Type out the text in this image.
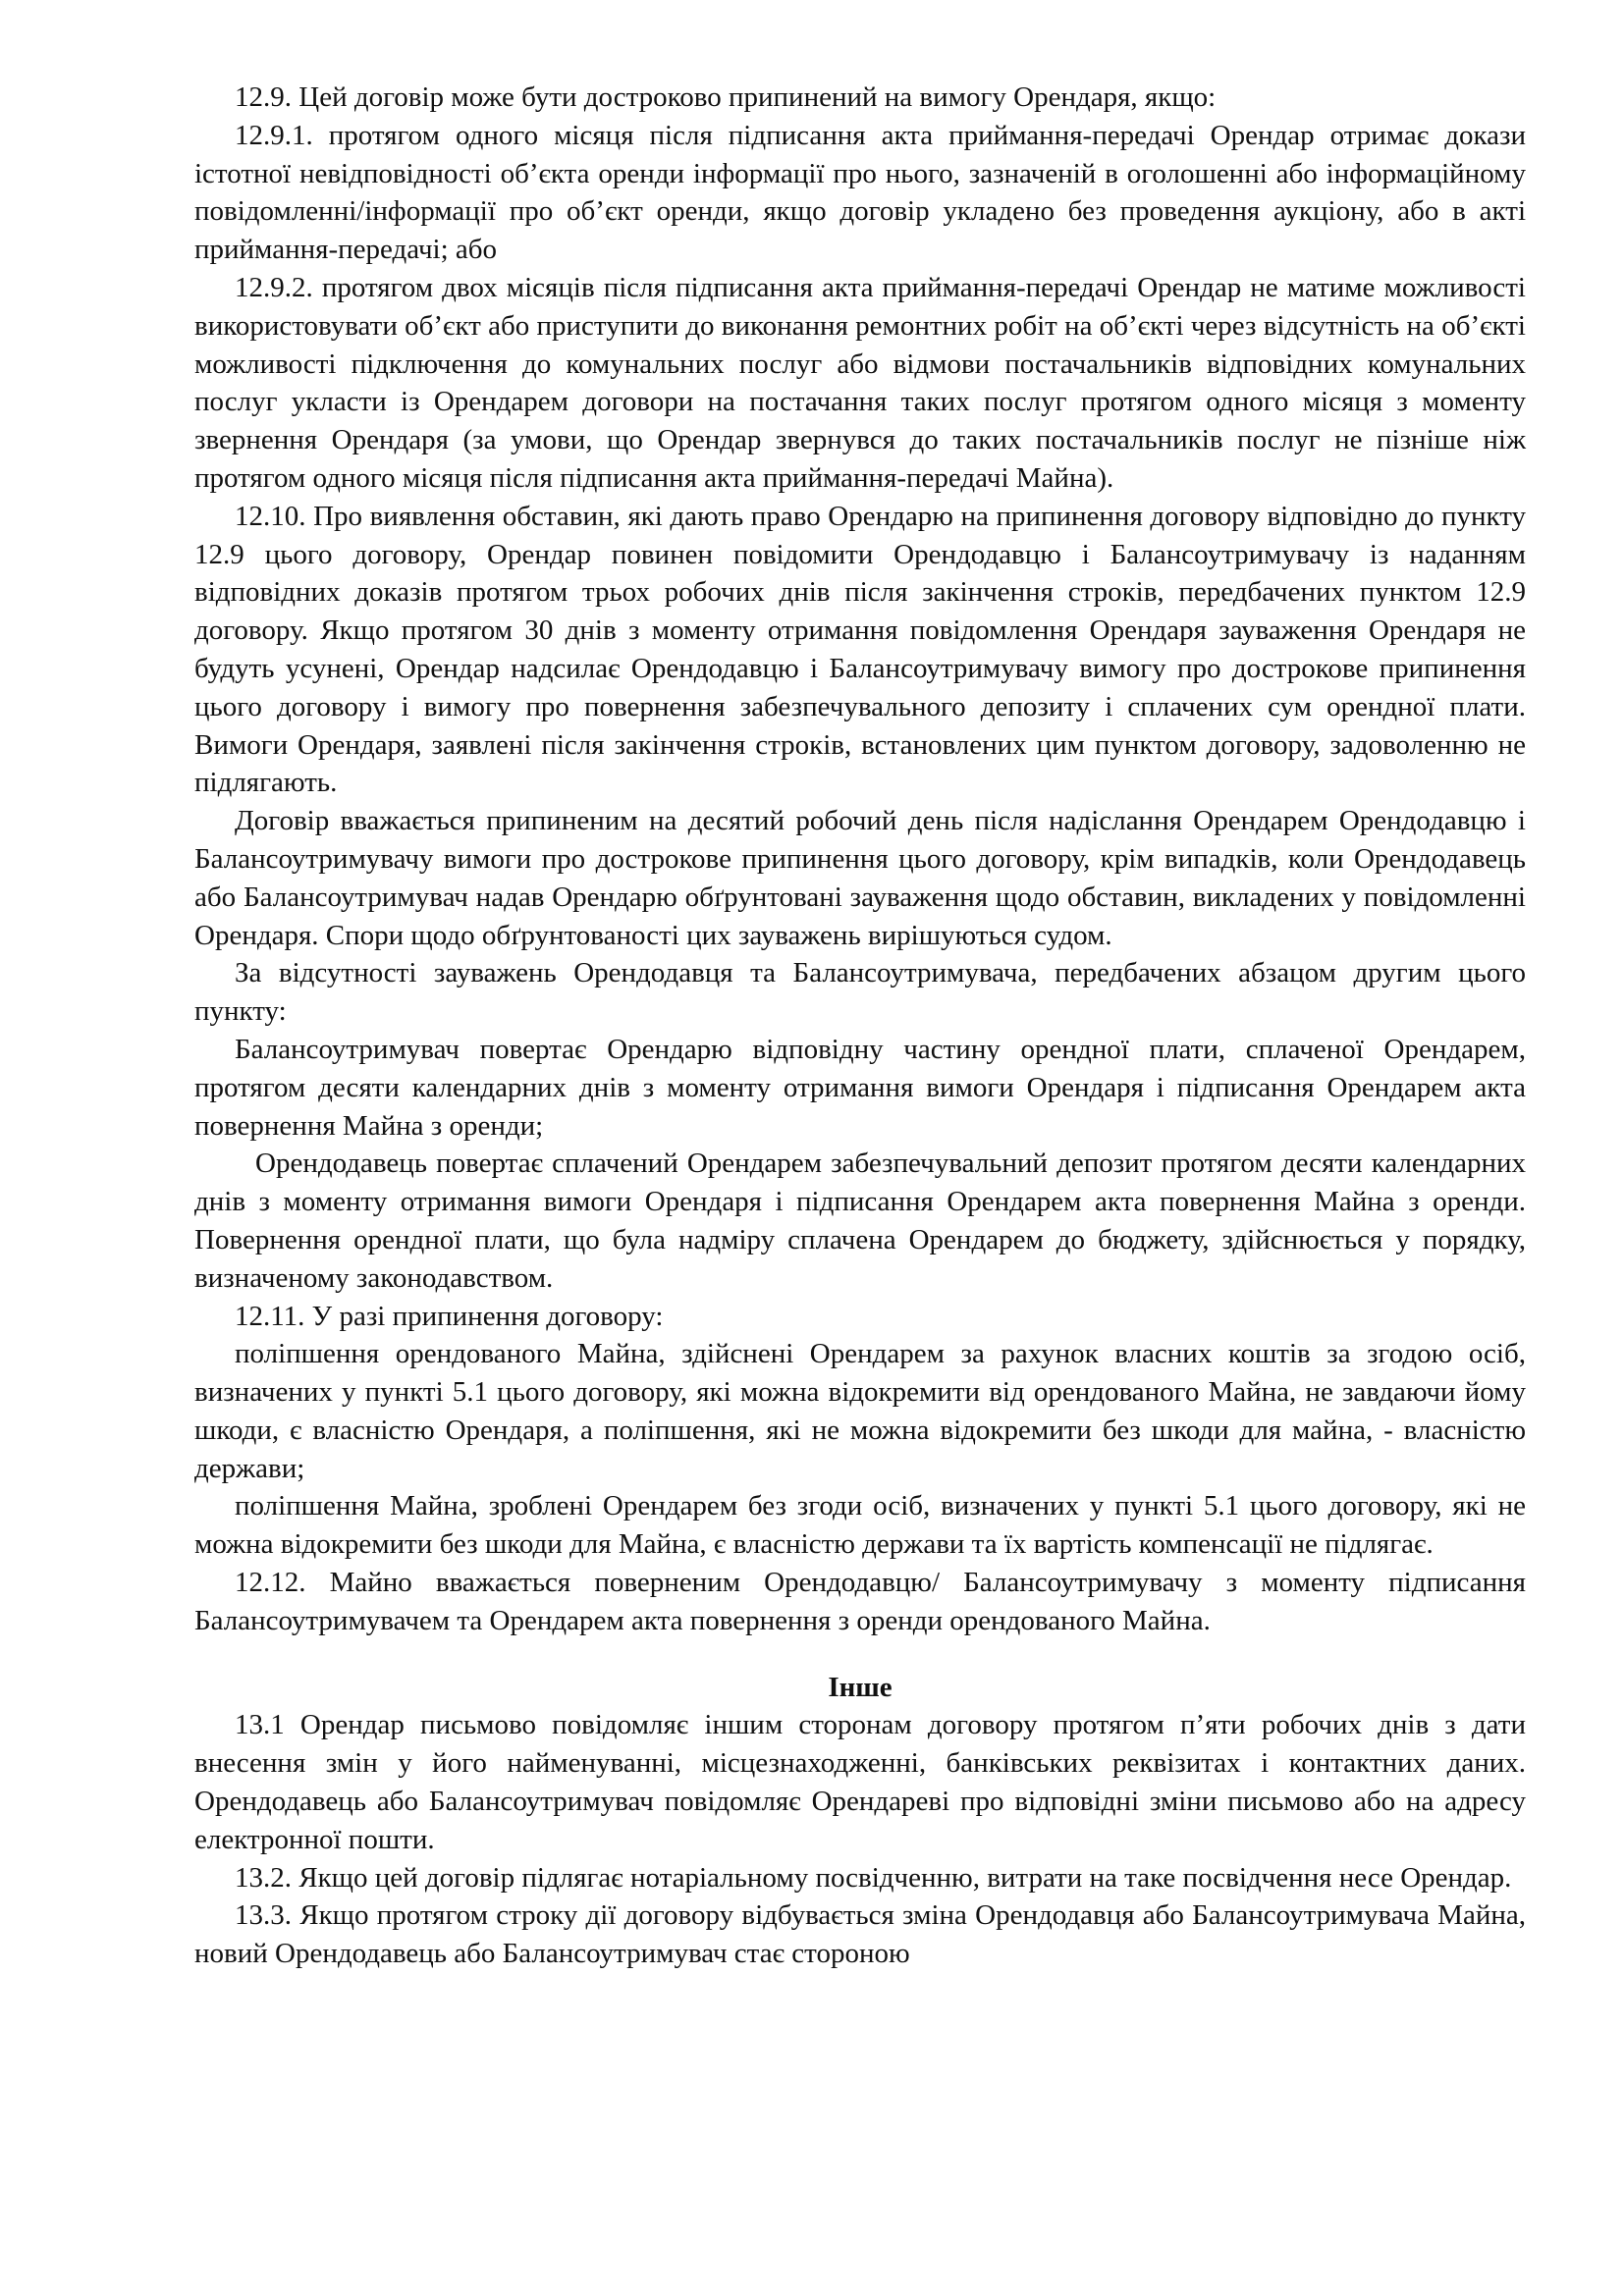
12.9. Цей договір може бути достроково припинений на вимогу Орендаря, якщо:

12.9.1. протягом одного місяця після підписання акта приймання-передачі Орендар отримає докази істотної невідповідності об’єкта оренди інформації про нього, зазначеній в оголошенні або інформаційному повідомленні/інформації про об’єкт оренди, якщо договір укладено без проведення аукціону, або в акті приймання-передачі; або

12.9.2. протягом двох місяців після підписання акта приймання-передачі Орендар не матиме можливості використовувати об’єкт або приступити до виконання ремонтних робіт на об’єкті через відсутність на об’єкті можливості підключення до комунальних послуг або відмови постачальників відповідних комунальних послуг укласти із Орендарем договори на постачання таких послуг протягом одного місяця з моменту звернення Орендаря (за умови, що Орендар звернувся до таких постачальників послуг не пізніше ніж протягом одного місяця після підписання акта приймання-передачі Майна).

12.10. Про виявлення обставин, які дають право Орендарю на припинення договору відповідно до пункту 12.9 цього договору, Орендар повинен повідомити Орендодавцю і Балансоутримувачу із наданням відповідних доказів протягом трьох робочих днів після закінчення строків, передбачених пунктом 12.9 договору. Якщо протягом 30 днів з моменту отримання повідомлення Орендаря зауваження Орендаря не будуть усунені, Орендар надсилає Орендодавцю і Балансоутримувачу вимогу про дострокове припинення цього договору і вимогу про повернення забезпечувального депозиту і сплачених сум орендної плати. Вимоги Орендаря, заявлені після закінчення строків, встановлених цим пунктом договору, задоволенню не підлягають.

Договір вважається припиненим на десятий робочий день після надіслання Орендарем Орендодавцю і Балансоутримувачу вимоги про дострокове припинення цього договору, крім випадків, коли Орендодавець або Балансоутримувач надав Орендарю обґрунтовані зауваження щодо обставин, викладених у повідомленні Орендаря. Спори щодо обґрунтованості цих зауважень вирішуються судом.

За відсутності зауважень Орендодавця та Балансоутримувача, передбачених абзацом другим цього пункту:

Балансоутримувач повертає Орендарю відповідну частину орендної плати, сплаченої Орендарем, протягом десяти календарних днів з моменту отримання вимоги Орендаря і підписання Орендарем акта повернення Майна з оренди;

Орендодавець повертає сплачений Орендарем забезпечувальний депозит протягом десяти календарних днів з моменту отримання вимоги Орендаря і підписання Орендарем акта повернення Майна з оренди. Повернення орендної плати, що була надміру сплачена Орендарем до бюджету, здійснюється у порядку, визначеному законодавством.

12.11. У разі припинення договору:

поліпшення орендованого Майна, здійснені Орендарем за рахунок власних коштів за згодою осіб, визначених у пункті 5.1 цього договору, які можна відокремити від орендованого Майна, не завдаючи йому шкоди, є власністю Орендаря, а поліпшення, які не можна відокремити без шкоди для майна, - власністю держави;

поліпшення Майна, зроблені Орендарем без згоди осіб, визначених у пункті 5.1 цього договору, які не можна відокремити без шкоди для Майна, є власністю держави та їх вартість компенсації не підлягає.

12.12. Майно вважається поверненим Орендодавцю/ Балансоутримувачу з моменту підписання Балансоутримувачем та Орендарем акта повернення з оренди орендованого Майна.

Інше

13.1 Орендар письмово повідомляє іншим сторонам договору протягом п’яти робочих днів з дати внесення змін у його найменуванні, місцезнаходженні, банківських реквізитах і контактних даних. Орендодавець або Балансоутримувач повідомляє Орендареві про відповідні зміни письмово або на адресу електронної пошти.

13.2. Якщо цей договір підлягає нотаріальному посвідченню, витрати на таке посвідчення несе Орендар.

13.3. Якщо протягом строку дії договору відбувається зміна Орендодавця або Балансоутримувача Майна, новий Орендодавець або Балансоутримувач стає стороною
